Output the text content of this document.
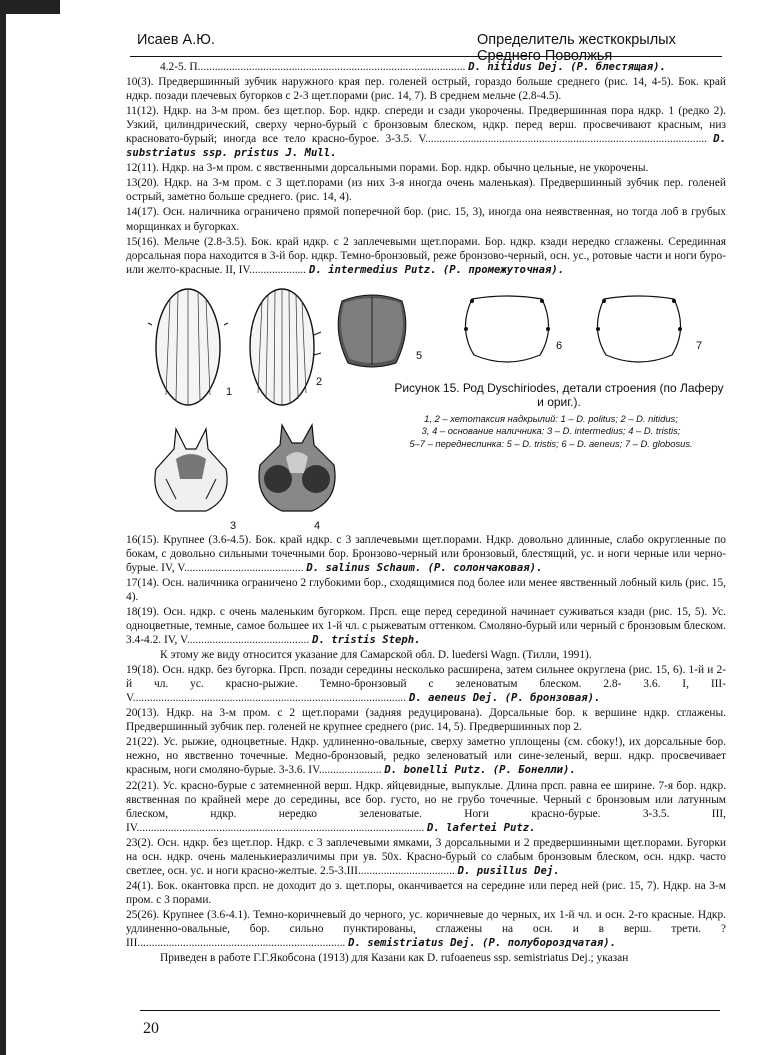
Исаев А.Ю.	Определитель жесткокрылых Среднего Поволжья
4.2-5. П.............................................................................................. D. nitidus Dej. (P. блестящая).
10(3). Предвершинный зубчик наружного края пер. голеней острый, гораздо больше среднего (рис. 14, 4-5). Бок. край ндкр. позади плечевых бугорков с 2-3 щет.порами (рис. 14, 7). В среднем мельче (2.8-4.5).
11(12). Ндкр. на 3-м пром. без щет.пор. Бор. ндкр. спереди и сзади укорочены. Предвершинная пора ндкр. 1 (редко 2). Узкий, цилиндрический, сверху черно-бурый с бронзовым блеском, ндкр. перед верш. просвечивают красным, низ красновато-бурый; иногда все тело красно-бурое. 3-3.5. V................................................................................................... D. substriatus ssp. pristus J. Mull.
12(11). Ндкр. на 3-м пром. с явственными дорсальными порами. Бор. ндкр. обычно цельные, не укорочены.
13(20). Ндкр. на 3-м пром. с 3 щет.порами (из них 3-я иногда очень маленькая). Предвершинный зубчик пер. голеней острый, заметно больше среднего. (рис. 14, 4).
14(17). Осн. наличника ограничено прямой поперечной бор. (рис. 15, 3), иногда она неявственная, но тогда лоб в грубых морщинках и бугорках.
15(16). Мельче (2.8-3.5). Бок. край ндкр. с 2 заплечевыми щет.порами. Бор. ндкр. кзади нередко сглажены. Серединная дорсальная пора находится в 3-й бор. ндкр. Темно-бронзовый, реже бронзово-черный, осн. ус., ротовые части и ноги буро- или желто-красные. II, IV.................... D. intermedius Putz. (P. промежуточная).
1
2
5
6	7
3	4
Рисунок 15. Род Dyschiriodes, детали строения (по Лаферу и ориг.).
1, 2 – хетотаксия надкрылий: 1 – D. politus; 2 – D. nitidus;
3, 4 – основание наличника: 3 – D. intermedius; 4 – D. tristis;
5–7 – переднеспинка: 5 – D. tristis; 6 – D. aeneus; 7 – D. globosus.
16(15). Крупнее (3.6-4.5). Бок. край ндкр. с 3 заплечевыми щет.порами. Ндкр. довольно длинные, слабо округленные по бокам, с довольно сильными точечными бор. Бронзово-черный или бронзовый, блестящий, ус. и ноги черные или черно-бурые. IV, V.......................................... D. salinus Schaum. (P. солончаковая).
17(14). Осн. наличника ограничено 2 глубокими бор., сходящимися под более или менее явственный лобный киль (рис. 15, 4).
18(19). Осн. ндкр. с очень маленьким бугорком. Прсп. еще перед серединой начинает суживаться кзади (рис. 15, 5). Ус. одноцветные, темные, самое большее их 1-й чл. с рыжеватым оттенком. Смоляно-бурый или черный с бронзовым блеском. 3.4-4.2. IV, V........................................... D. tristis Steph.
К этому же виду относится указание для Самарской обл. D. luedersi Wagn. (Тилли, 1991).
19(18). Осн. ндкр. без бугорка. Прсп. позади середины несколько расширена, затем сильнее округлена (рис. 15, 6). 1-й и 2-й чл. ус. красно-рыжие. Темно-бронзовый с зеленоватым блеском. 2.8- 3.6. I, III-V................................................................................................ D. aeneus Dej. (P. бронзовая).
20(13). Ндкр. на 3-м пром. с 2 щет.порами (задняя редуцирована). Дорсальные бор. к вершине ндкр. сглажены. Предвершинный зубчик пер. голеней не крупнее среднего (рис. 14, 5). Предвершинных пор 2.
21(22). Ус. рыжие, одноцветные. Ндкр. удлиненно-овальные, сверху заметно уплощены (см. сбоку!), их дорсальные бор. нежно, но явственно точечные. Медно-бронзовый, редко зеленоватый или сине-зеленый, верш. ндкр. просвечивает красным, ноги смоляно-бурые. 3-3.6. IV...................... D. bonelli Putz. (P. Бонелли).
22(21). Ус. красно-бурые с затемненной верш. Ндкр. яйцевидные, выпуклые. Длина прсп. равна ее ширине. 7-я бор. ндкр. явственная по крайней мере до середины, все бор. густо, но не грубо точечные. Черный с бронзовым или латунным блеском, ндкр. нередко зеленоватые. Ноги красно-бурые. 3-3.5. III, IV..................................................................................................... D. lafertei Putz.
23(2). Осн. ндкр. без щет.пор. Ндкр. с 3 заплечевыми ямками, 3 дорсальными и 2 предвершинными щет.порами. Бугорки на осн. ндкр. очень маленькиеразличимы при ув. 50х. Красно-бурый со слабым бронзовым блеском, осн. ндкр. часто светлее, осн. ус. и ноги красно-желтые. 2.5-3.III.................................. D. pusillus Dej.
24(1). Бок. окантовка прсп. не доходит до з. щет.поры, оканчивается на середине или перед ней (рис. 15, 7). Ндкр. на 3-м пром. с 3 порами.
25(26). Крупнее (3.6-4.1). Темно-коричневый до черного, ус. коричневые до черных, их 1-й чл. и осн. 2-го красные. Ндкр. удлиненно-овальные, бор. сильно пунктированы, сглажены на осн. и в верш. трети. ?III......................................................................... D. semistriatus Dej. (P. полубороздчатая).
Приведен в работе Г.Г.Якобсона (1913) для Казани как D. rufoaeneus ssp. semistriatus Dej.; указан
20
